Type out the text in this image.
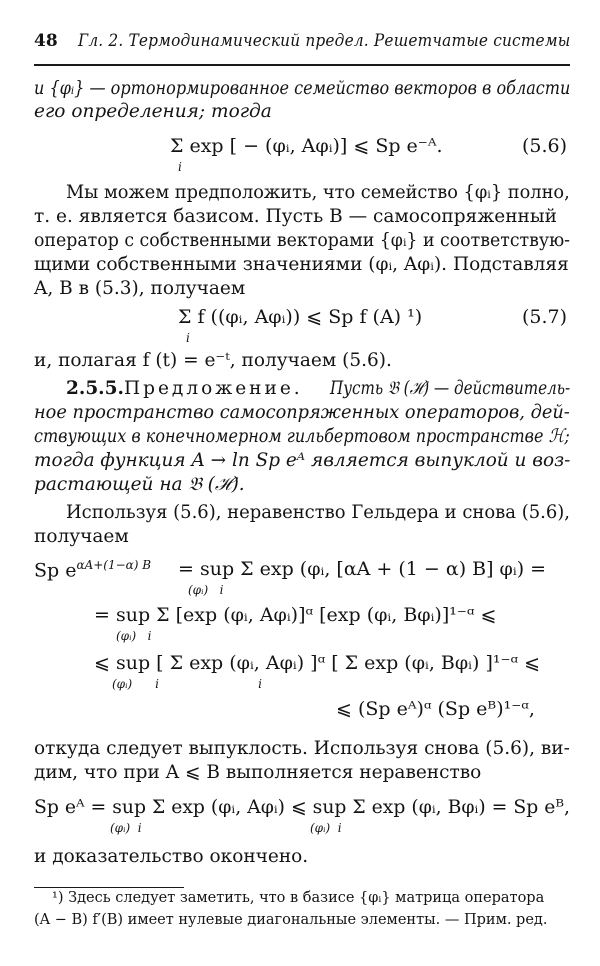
48 Гл. 2. Термодинамический предел. Решетчатые системы
и {φᵢ} — ортонормированное семейство векторов в области
его определения; тогда
Σ exp [ − (φᵢ, Aφᵢ)] ⩽ Sp e⁻ᴬ.
i
(5.6)
Мы можем предположить, что семейство {φᵢ} полно,
т. е. является базисом. Пусть B — самосопряженный
оператор с собственными векторами {φᵢ} и соответствую-
щими собственными значениями (φᵢ, Aφᵢ). Подставляя
A, B в (5.3), получаем
Σ f ((φᵢ, Aφᵢ)) ⩽ Sp f (A) ¹)
i
(5.7)
и, полагая f (t) = e⁻ᵗ, получаем (5.6).
2.5.5. Предложение. Пусть 𝔅 (ℋ) — действитель-
ное пространство самосопряженных операторов, дей-
ствующих в конечномерном гильбертовом пространстве ℋ;
тогда функция A → ln Sp eᴬ является выпуклой и воз-
растающей на 𝔅 (ℋ).
Используя (5.6), неравенство Гельдера и снова (5.6),
получаем
Sp $e^{\alpha A+(1-\alpha) B}$ = sup Σ exp (φᵢ, [αA + (1 − α) B] φᵢ) =
(φᵢ)   i
= sup Σ [exp (φᵢ, Aφᵢ)]ᵅ [exp (φᵢ, Bφᵢ)]¹⁻ᵅ ⩽
(φᵢ)   i
⩽ sup [ Σ exp (φᵢ, Aφᵢ) ]ᵅ [ Σ exp (φᵢ, Bφᵢ) ]¹⁻ᵅ ⩽
(φᵢ)      i                          i
⩽ (Sp eᴬ)ᵅ (Sp eᴮ)¹⁻ᵅ,
откуда следует выпуклость. Используя снова (5.6), ви-
дим, что при A ⩽ B выполняется неравенство
Sp eᴬ = sup Σ exp (φᵢ, Aφᵢ) ⩽ sup Σ exp (φᵢ, Bφᵢ) = Sp eᴮ,
(φᵢ)  i	(φᵢ)  i
и доказательство окончено.
¹) Здесь следует заметить, что в базисе {φᵢ} матрица оператора
(A − B) f′(B) имеет нулевые диагональные элементы. — Прим. ред.
